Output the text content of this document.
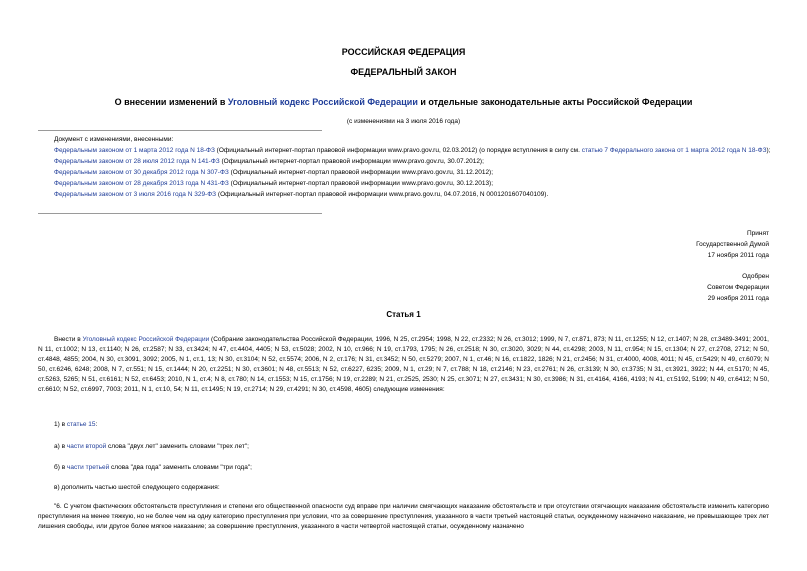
РОССИЙСКАЯ ФЕДЕРАЦИЯ
ФЕДЕРАЛЬНЫЙ ЗАКОН
О внесении изменений в Уголовный кодекс Российской Федерации и отдельные законодательные акты Российской Федерации
(с изменениями на 3 июля 2016 года)
Документ с изменениями, внесенными:
Федеральным законом от 1 марта 2012 года N 18-ФЗ (Официальный интернет-портал правовой информации www.pravo.gov.ru, 02.03.2012) (о порядке вступления в силу см. статью 7 Федерального закона от 1 марта 2012 года N 18-ФЗ);
Федеральным законом от 28 июля 2012 года N 141-ФЗ (Официальный интернет-портал правовой информации www.pravo.gov.ru, 30.07.2012);
Федеральным законом от 30 декабря 2012 года N 307-ФЗ (Официальный интернет-портал правовой информации www.pravo.gov.ru, 31.12.2012);
Федеральным законом от 28 декабря 2013 года N 431-ФЗ (Официальный интернет-портал правовой информации www.pravo.gov.ru, 30.12.2013);
Федеральным законом от 3 июля 2016 года N 329-ФЗ (Официальный интернет-портал правовой информации www.pravo.gov.ru, 04.07.2016, N 0001201607040109).
Принят
Государственной Думой
17 ноября 2011 года
Одобрен
Советом Федерации
29 ноября 2011 года
Статья 1
Внести в Уголовный кодекс Российской Федерации (Собрание законодательства Российской Федерации, 1996, N 25, ст.2954; 1998, N 22, ст.2332; N 26, ст.3012; 1999, N 7, ст.871, 873; N 11, ст.1255; N 12, ст.1407; N 28, ст.3489-3491; 2001, N 11, ст.1002; N 13, ст.1140; N 26, ст.2587; N 33, ст.3424; N 47, ст.4404, 4405; N 53, ст.5028; 2002, N 10, ст.966; N 19, ст.1793, 1795; N 26, ст.2518; N 30, ст.3020, 3029; N 44, ст.4298; 2003, N 11, ст.954; N 15, ст.1304; N 27, ст.2708, 2712; N 50, ст.4848, 4855; 2004, N 30, ст.3091, 3092; 2005, N 1, ст.1, 13; N 30, ст.3104; N 52, ст.5574; 2006, N 2, ст.176; N 31, ст.3452; N 50, ст.5279; 2007, N 1, ст.46; N 16, ст.1822, 1826; N 21, ст.2456; N 31, ст.4000, 4008, 4011; N 45, ст.5429; N 49, ст.6079; N 50, ст.6246, 6248; 2008, N 7, ст.551; N 15, ст.1444; N 20, ст.2251; N 30, ст.3601; N 48, ст.5513; N 52, ст.6227, 6235; 2009, N 1, ст.29; N 7, ст.788; N 18, ст.2146; N 23, ст.2761; N 26, ст.3139; N 30, ст.3735; N 31, ст.3921, 3922; N 44, ст.5170; N 45, ст.5263, 5265; N 51, ст.6161; N 52, ст.6453; 2010, N 1, ст.4; N 8, ст.780; N 14, ст.1553; N 15, ст.1756; N 19, ст.2289; N 21, ст.2525, 2530; N 25, ст.3071; N 27, ст.3431; N 30, ст.3986; N 31, ст.4164, 4166, 4193; N 41, ст.5192, 5199; N 49, ст.6412; N 50, ст.6610; N 52, ст.6997, 7003; 2011, N 1, ст.10, 54; N 11, ст.1495; N 19, ст.2714; N 29, ст.4291; N 30, ст.4598, 4605) следующие изменения:
1) в статье 15:
а) в части второй слова "двух лет" заменить словами "трех лет";
б) в части третьей слова "два года" заменить словами "три года";
в) дополнить частью шестой следующего содержания:
"6. С учетом фактических обстоятельств преступления и степени его общественной опасности суд вправе при наличии смягчающих наказание обстоятельств и при отсутствии отягчающих наказание обстоятельств изменить категорию преступления на менее тяжкую, но не более чем на одну категорию преступления при условии, что за совершение преступления, указанного в части третьей настоящей статьи, осужденному назначено наказание, не превышающее трех лет лишения свободы, или другое более мягкое наказание; за совершение преступления, указанного в части четвертой настоящей статьи, осужденному назначено
